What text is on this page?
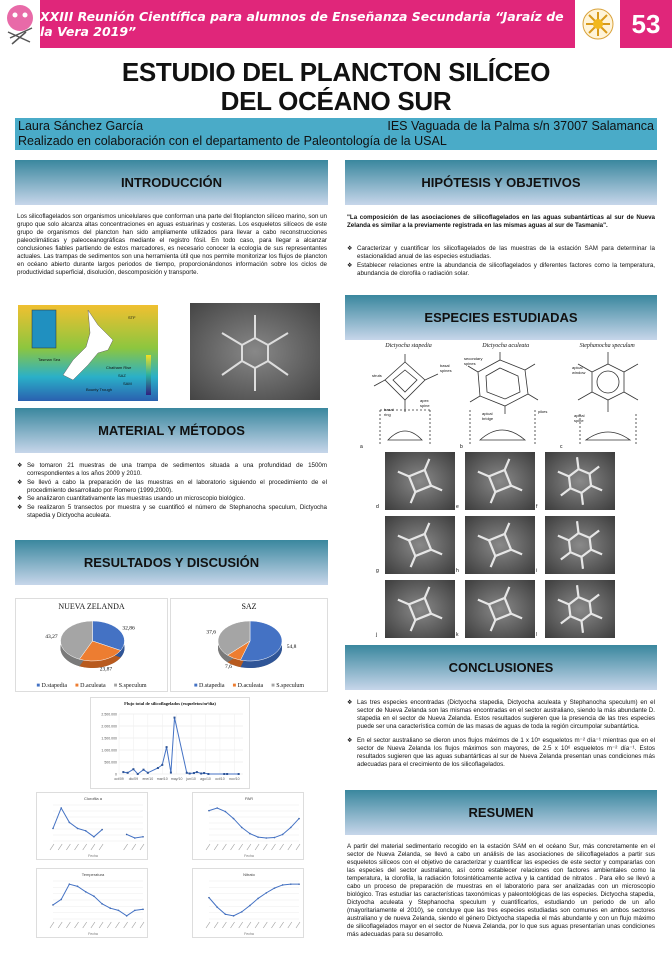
XXIII Reunión Científica para alumnos de Enseñanza Secundaria “Jaraíz de la Vera 2019”	53
ESTUDIO DEL PLANCTON SILÍCEO
DEL OCÉANO SUR
Laura Sánchez García	IES Vaguada de la Palma s/n 37007 Salamanca
Realizado en colaboración con el departamento de Paleontología de la USAL
INTRODUCCIÓN
Los silicoflagelados son organismos unicelulares que conforman una parte del fitoplancton silíceo marino, son un grupo que solo alcanza altas concentraciones en aguas estuarinas y costeras. Los esqueletos silíceos de este grupo de organismos del plancton han sido ampliamente utilizados para llevar a cabo reconstrucciones paleoclimáticas y paleoceanográficas mediante el registro fósil. En todo caso, para llegar a alcanzar conclusiones fiables partiendo de estos marcadores, es necesario conocer la ecología de sus representantes actuales. Las trampas de sedimentos son una herramienta útil que nos permite monitorizar los flujos de plancton en océano abierto durante largos periodos de tiempo, proporcionándonos información sobre los ciclos de productividad superficial, disolución, descomposición y transporte.
Tasman Sea
Chatham Rise
STF
SAZ
SAM
Bounty Trough
MATERIAL Y MÉTODOS
❖ Se tomaron 21 muestras de una trampa de sedimentos situada a una profundidad de 1500m correspondientes a los años 2009 y 2010.
❖ Se llevó a cabo la preparación de las muestras en el laboratorio siguiendo el procedimiento de el procedimiento desarrollado por Romero (1999,2000).
❖ Se analizaron cuantitativamente las muestras usando un microscopio biológico.
❖ Se realizaron 5 transectos por muestra y se cuantificó el número de Stephanocha speculum, Dictyocha stapedia y Dictyocha aculeata.
RESULTADOS Y DISCUSIÓN
NUEVA ZELANDA
32,86
23,87
43,27
■ D.stapedia ■ D.aculeata ■ S.speculum
SAZ
54,8
7,6
37,6
■ D.stapedia ■ D.aculeata ■ S.speculum
Flujo total de silicoflagelados (esqueletos/m²día)
0
500.000
1.000.000
1.500.000
2.000.000
2.500.000
oct/09 dic/09 ene/10 mar/10 may/10 jun/10 ago/10 oct/10 nov/10
Clorofila a
Fecha
PAR
Fecha
Temperatura
Fecha
Nitrato
Fecha
HIPÓTESIS Y OBJETIVOS
"La composición de las asociaciones de silicoflagelados en las aguas subantárticas al sur de Nueva Zelanda es similar a la previamente registrada en las mismas aguas al sur de Tasmania".
❖ Caracterizar y cuantificar los silicoflagelados de las muestras de la estación SAM para determinar la estacionalidad anual de las especies estudiadas.
❖ Establecer relaciones entre la abundancia de silicoflagelados y diferentes factores como la temperatura, abundancia de clorofila o radiación solar.
ESPECIES ESTUDIADAS
Dictyocha stapedia	Dictyocha aculeata	Stephanocha speculum
a	b	c
basal spines
struts
apex spine
basal ring
secondary spines
apical bridge
pikes
apical window
apical spine
d	e	f
g	h	i
j	k	l
CONCLUSIONES
❖ Las tres especies encontradas (Dictyocha stapedia, Dictyocha aculeata y Stephanocha speculum) en el sector de Nueva Zelanda son las mismas encontradas en el sector australiano, siendo la más abundante D. stapedia en el sector de Nueva Zelanda. Estos resultados sugieren que la presencia de las tres especies puede ser una característica común de las masas de aguas de toda la región circumpolar subantártica.
❖ En el sector australiano se dieron unos flujos máximos de 1 x 10⁵ esqueletos m⁻² día⁻¹ mientras que en el sector de Nueva Zelanda los flujos máximos son mayores, de 2.5 x 10⁶ esqueletos m⁻² día⁻¹. Estos resultados sugieren que las aguas subantárticas al sur de Nueva Zelanda presentan unas condiciones más adecuadas para el crecimiento de los silicoflagelados.
RESUMEN
A partir del material sedimentario recogido en la estación SAM en el océano Sur, más concretamente en el sector de Nueva Zelanda, se llevó a cabo un análisis de las asociaciones de silicoflagelados a partir sus esqueletos silíceos con el objetivo de caracterizar y cuantificar las especies de este sector y compararlas con las especies del sector australiano, así como establecer relaciones con factores ambientales como la temperatura, la clorofila, la radiación fotosintéticamente activa y la cantidad de nitratos . Para ello se llevó a cabo un proceso de preparación de muestras en el laboratorio para ser analizadas con un microscopio biológico. Tras estudiar las características taxonómicas y paleontológicas de las especies. Dictyocha stapedia, Dictyocha aculeata y Stephanocha speculum y cuantificarlos, estudiando un periodo de un año (mayoritariamente el 2010), se concluye que las tres especies estudiadas son comunes en ambos sectores australiano y de nueva Zelanda, siendo el género Dictyocha stapedia el más abundante y con un flujo máximo de silicoflagelados mayor en el sector de Nueva Zelanda, por lo que sus aguas presentarían unas condiciones más adecuadas para su desarrollo.
